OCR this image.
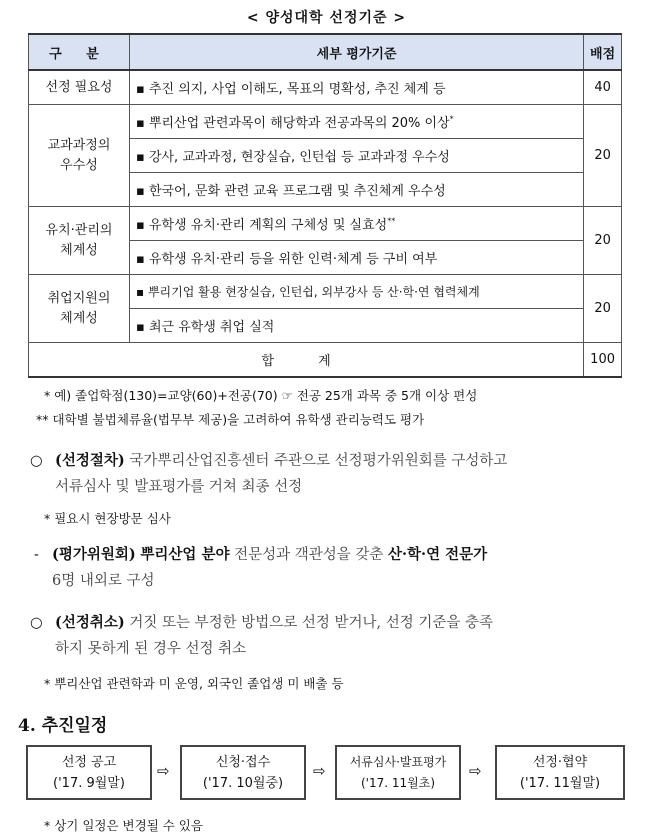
< 양성대학 선정기준 >
구 분	세부 평가기준	배점
선정 필요성	▪ 추진 의지, 사업 이해도, 목표의 명확성, 추진 체계 등	40
교과과정의
우수성	▪ 뿌리산업 관련과목이 해당학과 전공과목의 20% 이상*	20
	▪ 강사, 교과과정, 현장실습, 인턴쉽 등 교과과정 우수성	
	▪ 한국어, 문화 관련 교육 프로그램 및 추진체계 우수성	
유치·관리의
체계성	▪ 유학생 유치·관리 계획의 구체성 및 실효성**	20
	▪ 유학생 유치·관리 등을 위한 인력·체계 등 구비 여부	
취업지원의
체계성	▪ 뿌리기업 활용 현장실습, 인턴쉽, 외부강사 등 산·학·연 협력체계	20
	▪ 최근 유학생 취업 실적	
합 계		100
* 예) 졸업학점(130)=교양(60)+전공(70) ☞ 전공 25개 과목 중 5개 이상 편성
** 대학별 불법체류율(법무부 제공)을 고려하여 유학생 관리능력도 평가
○ (선정절차) 국가뿌리산업진흥센터 주관으로 선정평가위원회를 구성하고
서류심사 및 발표평가를 거쳐 최종 선정
* 필요시 현장방문 심사
- (평가위원회) 뿌리산업 분야 전문성과 객관성을 갖춘 산·학·연 전문가
6명 내외로 구성
○ (선정취소) 거짓 또는 부정한 방법으로 선정 받거나, 선정 기준을 충족
하지 못하게 된 경우 선정 취소
* 뿌리산업 관련학과 미 운영, 외국인 졸업생 미 배출 등
4. 추진일정
선정 공고
('17. 9월말)
⇨	신청·접수
('17. 10월중)
⇨	서류심사·발표평가
('17. 11월초)
⇨	선정·협약
('17. 11월말)
* 상기 일정은 변경될 수 있음
